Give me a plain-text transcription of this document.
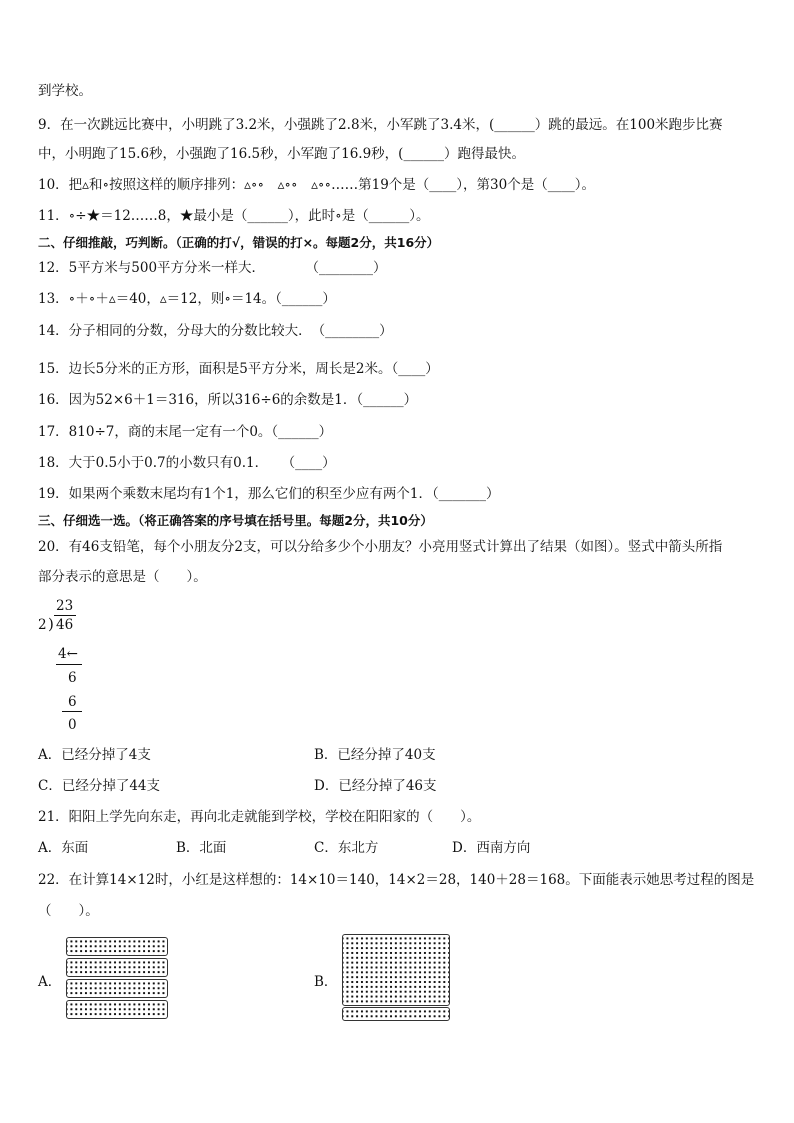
到学校。
9．在一次跳远比赛中，小明跳了3.2米，小强跳了2.8米，小军跳了3.4米，(______）跳的最远。在100米跑步比赛
中，小明跑了15.6秒，小强跑了16.5秒，小军跑了16.9秒，(______）跑得最快。
10．把▵和∘按照这样的顺序排列：▵∘∘　▵∘∘　▵∘∘……第19个是（____），第30个是（____）。
11．∘÷★＝12……8，★最小是（______），此时∘是（______）。
二、仔细推敲，巧判断。（正确的打√，错误的打×。每题2分，共16分）
12．5平方米与500平方分米一样大．　　　　（________）
13．∘＋∘＋▵＝40，▵＝12，则∘＝14。（______）
14．分子相同的分数，分母大的分数比较大．　（________）
15．边长5分米的正方形，面积是5平方分米，周长是2米。（____）
16．因为52×6＋1＝316，所以316÷6的余数是1．（______）
17．810÷7，商的末尾一定有一个0。（______）
18．大于0.5小于0.7的小数只有0.1．　　（____）
19．如果两个乘数末尾均有1个1，那么它们的积至少应有两个1．（_______）
三、仔细选一选。（将正确答案的序号填在括号里。每题2分，共10分）
20．有46支铅笔，每个小朋友分2支，可以分给多少个小朋友？小亮用竖式计算出了结果（如图）。竖式中箭头所指
部分表示的意思是（　　）。
23
2 ) 46
4←
6
6
0
A．已经分掉了4支	B．已经分掉了40支
C．已经分掉了44支	D．已经分掉了46支
21．阳阳上学先向东走，再向北走就能到学校，学校在阳阳家的（　　）。
A．东面	B．北面	C．东北方	D．西南方向
22．在计算14×12时，小红是这样想的：14×10＝140，14×2＝28，140＋28＝168。下面能表示她思考过程的图是
（　　）。
A．	B．
